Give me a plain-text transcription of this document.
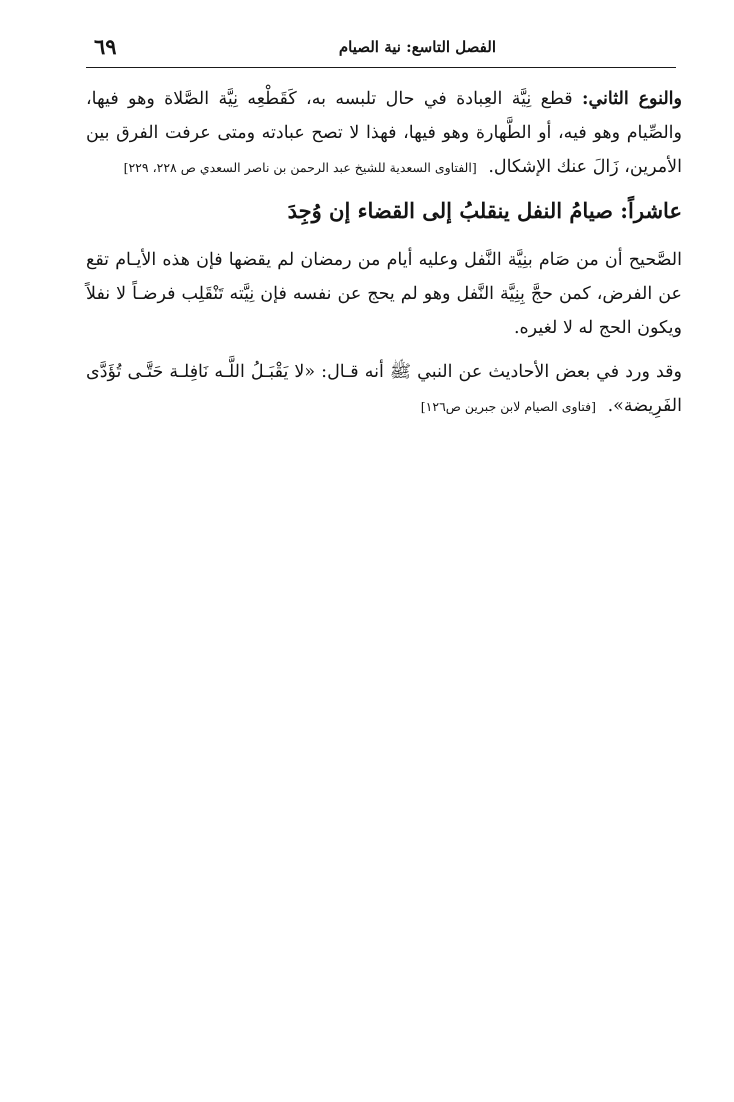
الفصل التاسع: نية الصيام
٦٩

والنوع الثاني: قطع نِيَّة العِبادة في حال تلبسه به، كَقَطْعِه نِيَّة الصَّلاة وهو فيها، والصِّيام وهو فيه، أو الطَّهارة وهو فيها، فهذا لا تصح عبادته ومتى عرفت الفرق بين الأمرين، زَالَ عنك الإشكال. [الفتاوى السعدية للشيخ عبد الرحمن بن ناصر السعدي ص ٢٢٨، ٢٢٩]

عاشراً: صيامُ النفل ينقلبُ إلى القضاء إن وُجِدَ

الصَّحيح أن من صَام بنِيَّة النَّفل وعليه أيام من رمضان لم يقضها فإن هذه الأيـام تقع عن الفرض، كمن حجَّ بِنِيَّة النَّفل وهو لم يحج عن نفسه فإن نِيَّته تَنْقَلِب فرضـاً لا نفلاً ويكون الحج له لا لغيره.

وقد ورد في بعض الأحاديث عن النبي ﷺ أنه قـال: «لا يَقْبَـلُ اللَّـه نَافِلـة حَتَّـى تُؤَدَّى الفَرِيضة». [فتاوى الصيام لابن جبرين ص١٢٦]
